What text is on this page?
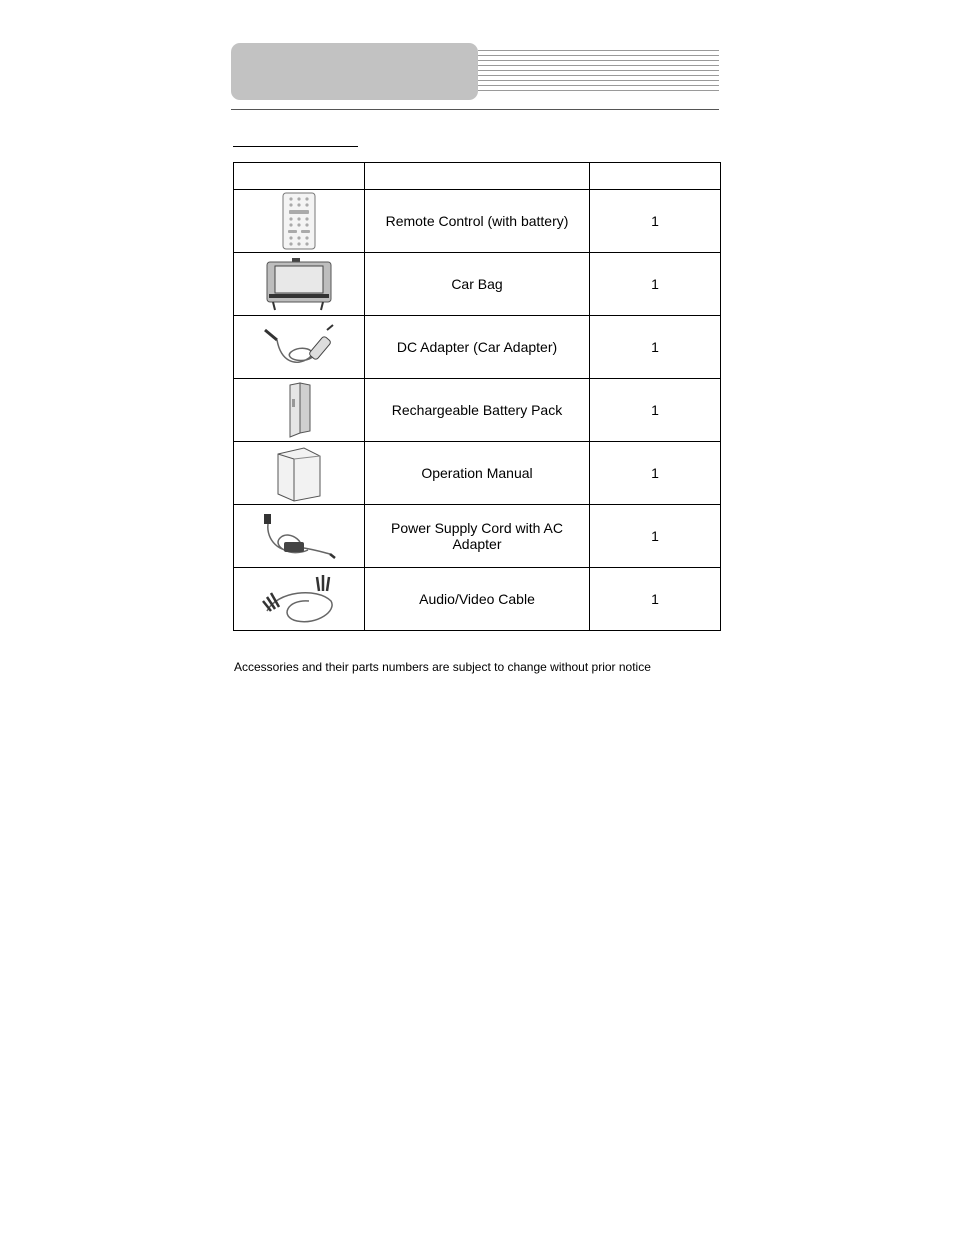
	Remote Control (with battery)	1

	Car Bag	1

	DC Adapter (Car Adapter)	1

	Rechargeable Battery Pack	1

	Operation Manual	1

	Power Supply Cord with AC Adapter	1

	Audio/Video Cable	1
Accessories and their parts numbers are subject to change without prior notice
